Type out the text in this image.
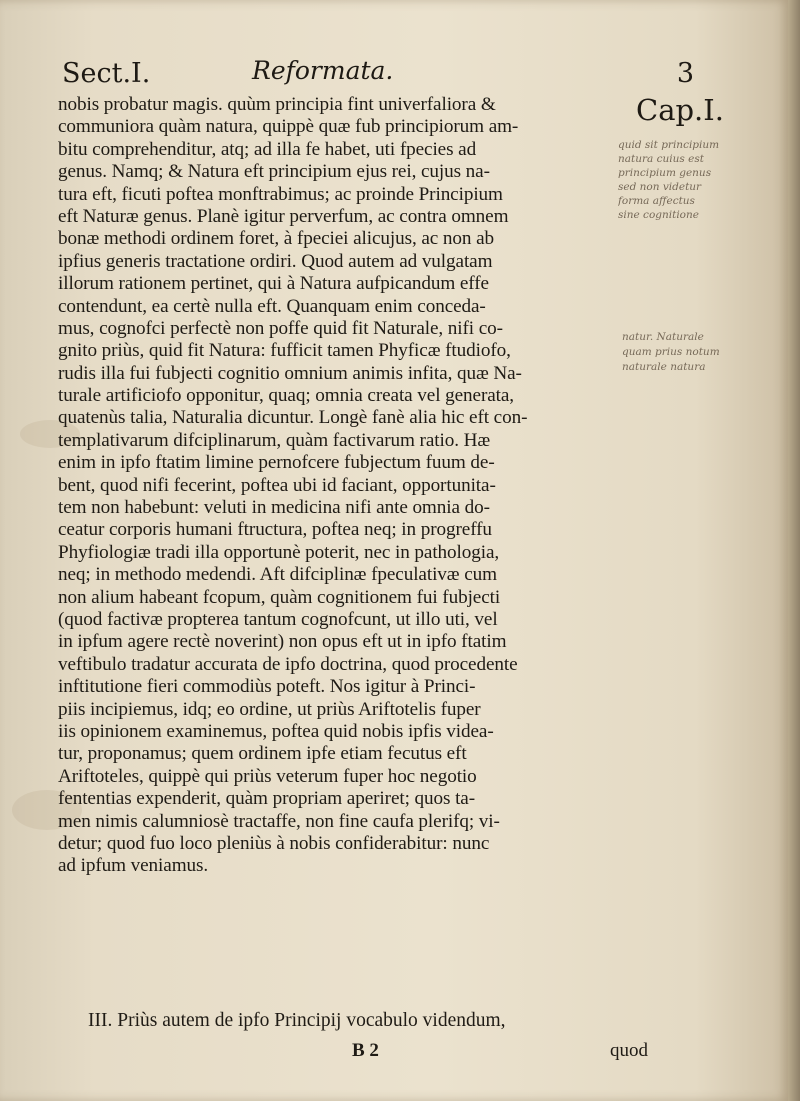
Sect.I.	Reformata.	3
Cap.I.
nobis probatur magis. quùm principia fint univerfaliora &
communiora quàm natura, quippè quæ fub principiorum am-
bitu comprehenditur, atq; ad illa fe habet, uti fpecies ad
genus. Namq; & Natura eft principium ejus rei, cujus na-
tura eft, ficuti poftea monftrabimus; ac proinde Principium
eft Naturæ genus. Planè igitur perverfum, ac contra omnem
bonæ methodi ordinem foret, à fpeciei alicujus, ac non ab
ipfius generis tractatione ordiri. Quod autem ad vulgatam
illorum rationem pertinet, qui à Natura aufpicandum effe
contendunt, ea certè nulla eft. Quanquam enim conceda-
mus, cognofci perfectè non poffe quid fit Naturale, nifi co-
gnito priùs, quid fit Natura: fufficit tamen Phyficæ ftudiofo,
rudis illa fui fubjecti cognitio omnium animis infita, quæ Na-
turale artificiofo opponitur, quaq; omnia creata vel generata,
quatenùs talia, Naturalia dicuntur. Longè fanè alia hic eft con-
templativarum difciplinarum, quàm factivarum ratio. Hæ
enim in ipfo ftatim limine pernofcere fubjectum fuum de-
bent, quod nifi fecerint, poftea ubi id faciant, opportunita-
tem non habebunt: veluti in medicina nifi ante omnia do-
ceatur corporis humani ftructura, poftea neq; in progreffu
Phyfiologiæ tradi illa opportunè poterit, nec in pathologia,
neq; in methodo medendi. Aft difciplinæ fpeculativæ cum
non alium habeant fcopum, quàm cognitionem fui fubjecti
(quod factivæ propterea tantum cognofcunt, ut illo uti, vel
in ipfum agere rectè noverint) non opus eft ut in ipfo ftatim
veftibulo tradatur accurata de ipfo doctrina, quod procedente
inftitutione fieri commodiùs poteft. Nos igitur à Princi-
piis incipiemus, idq; eo ordine, ut priùs Ariftotelis fuper
iis opinionem examinemus, poftea quid nobis ipfis videa-
tur, proponamus; quem ordinem ipfe etiam fecutus eft
Ariftoteles, quippè qui priùs veterum fuper hoc negotio
fententias expenderit, quàm propriam aperiret; quos ta-
men nimis calumniosè tractaffe, non fine caufa plerifq; vi-
detur; quod fuo loco pleniùs à nobis confiderabitur: nunc
ad ipfum veniamus.
quid sit principium
natura cuius est
principium genus
sed non videtur
forma affectus
sine cognitione
natur. Naturale
quam prius notum
naturale natura
III. Priùs autem de ipfo Principij vocabulo videndum,
B 2	quod
